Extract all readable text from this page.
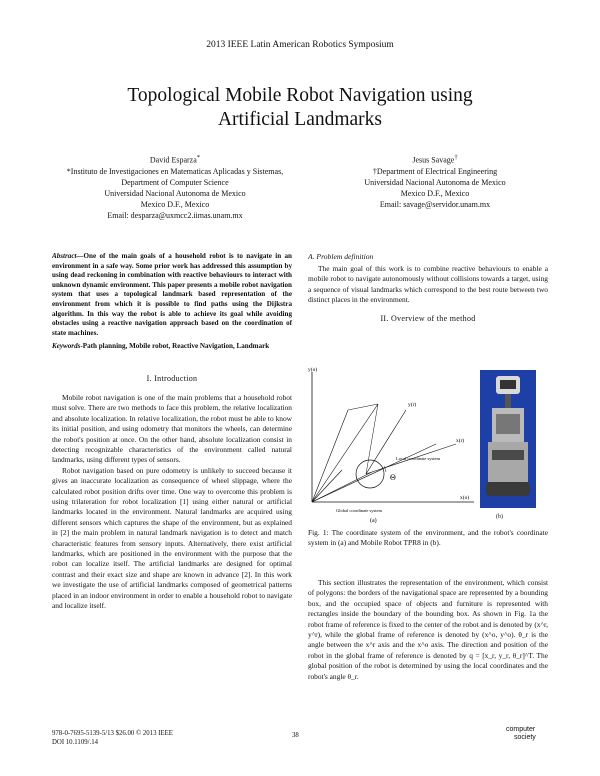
2013 IEEE Latin American Robotics Symposium
Topological Mobile Robot Navigation using
Artificial Landmarks
David Esparza*
*Instituto de Investigaciones en Matematicas Aplicadas y Sistemas,
Department of Computer Science
Universidad Nacional Autonoma de Mexico
Mexico D.F., Mexico
Email: desparza@uxmcc2.iimas.unam.mx
Jesus Savage†
†Department of Electrical Engineering
Universidad Nacional Autonoma de Mexico
Mexico D.F., Mexico
Email: savage@servidor.unam.mx
Abstract—One of the main goals of a household robot is to navigate in an environment in a safe way. Some prior work has addressed this assumption by using dead reckoning in combination with reactive behaviours to interact with unknown dynamic environment. This paper presents a mobile robot navigation system that uses a topological landmark based representation of the environment from which it is possible to find paths using the Dijkstra algorithm. In this way the robot is able to achieve its goal while avoiding obstacles using a reactive navigation approach based on the coordination of state machines.
Keywords-Path planning, Mobile robot, Reactive Navigation, Landmark
I. Introduction

Mobile robot navigation is one of the main problems that a household robot must solve. There are two methods to face this problem, the relative localization and absolute localization. In relative localization, the robot must be able to know its initial position, and using odometry that monitors the wheels, can determine the robot's position at once. On the other hand, absolute localization consist in detecting recognizable characteristics of the environment called natural landmarks, using different types of sensors.

Robot navigation based on pure odometry is unlikely to succeed because it gives an inaccurate localization as consequence of wheel slippage, where the calculated robot position drifts over time. One way to overcome this problem is using trilateration for robot localization [1] using either natural or artificial landmarks located in the environment. Natural landmarks are acquired using different sensors which captures the shape of the environment, but as explained in [2] the main problem in natural landmark navigation is to detect and match characteristic features from sensory inputs. Alternatively, there exist artificial landmarks, which are positioned in the environment with the purpose that the robot can localize itself. The artificial landmarks are designed for optimal contrast and their exact size and shape are known in advance [2]. In this work we investigate the use of artificial landmarks composed of geometrical patterns placed in an indoor environment in order to enable a household robot to navigate and localize itself.

A. Problem definition

The main goal of this work is to combine reactive behaviours to enable a mobile robot to navigate autonomously without collisions towards a target, using a sequence of visual landmarks which correspond to the best route between two distinct places in the environment.

II. Overview of the method
y(o)
x(o)
Θ
y(r)
x(r)
Local coordinate system
Global coordinate system
(a)
(b)
Fig. 1: The coordinate system of the environment, and the robot's coordinate system in (a) and Mobile Robot TPR8 in (b).

This section illustrates the representation of the environment, which consist of polygons: the borders of the navigational space are represented by a bounding box, and the occupied space of objects and furniture is represented with rectangles inside the boundary of the bounding box. As shown in Fig. 1a the robot frame of reference is fixed to the center of the robot and is denoted by (x^r, y^r), while the global frame of reference is denoted by (x^o, y^o). θ_r is the angle between the x^r axis and the x^o axis. The direction and position of the robot in the global frame of reference is denoted by q = [x_r, y_r, θ_r]^T. The global position of the robot is determined by using the local coordinates and the robot's angle θ_r.

978-0-7695-5139-5/13 $26.00 © 2013 IEEE
DOI 10.1109/.14
38
computer
society
